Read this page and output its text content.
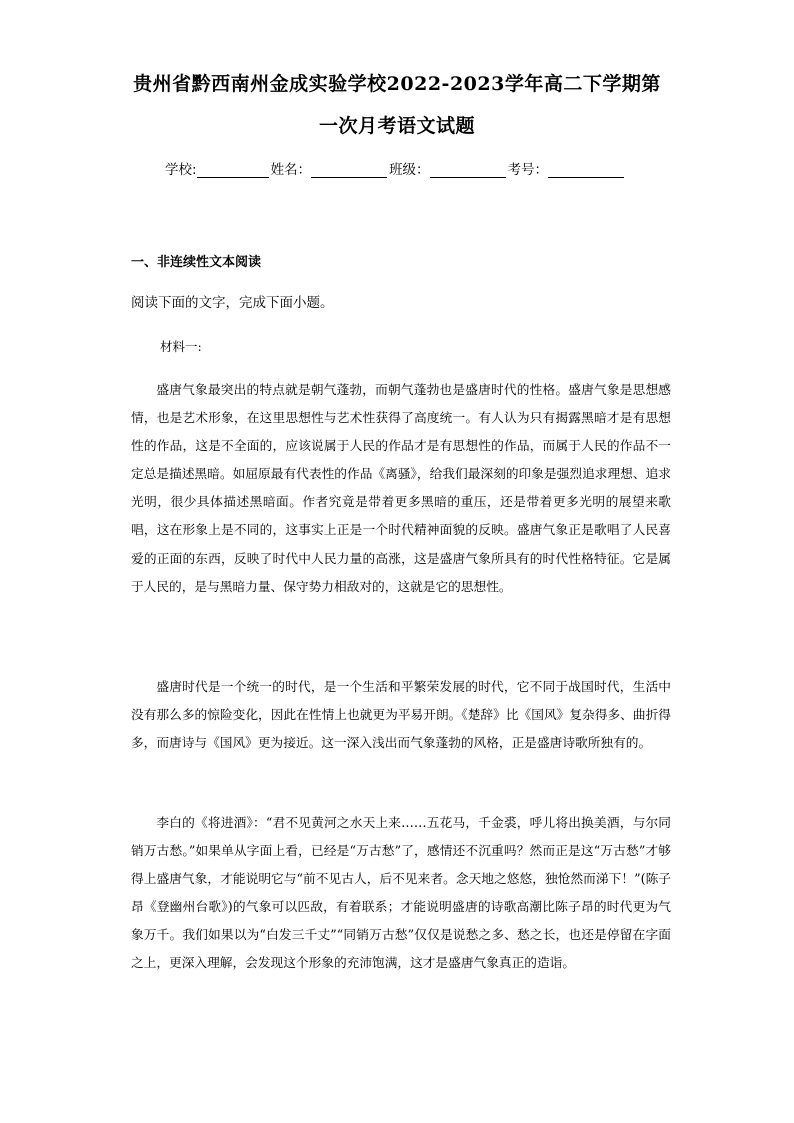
贵州省黔西南州金成实验学校2022-2023学年高二下学期第
一次月考语文试题
学校:	姓名：	班级：	考号：
一、非连续性文本阅读
阅读下面的文字，完成下面小题。
材料一:

盛唐气象最突出的特点就是朝气蓬勃，而朝气蓬勃也是盛唐时代的性格。盛唐气象是思想感情，也是艺术形象，在这里思想性与艺术性获得了高度统一。有人认为只有揭露黑暗才是有思想性的作品，这是不全面的，应该说属于人民的作品才是有思想性的作品，而属于人民的作品不一定总是描述黑暗。如屈原最有代表性的作品《离骚》，给我们最深刻的印象是强烈追求理想、追求光明，很少具体描述黑暗面。作者究竟是带着更多黑暗的重压，还是带着更多光明的展望来歌唱，这在形象上是不同的，这事实上正是一个时代精神面貌的反映。盛唐气象正是歌唱了人民喜爱的正面的东西，反映了时代中人民力量的高涨，这是盛唐气象所具有的时代性格特征。它是属于人民的，是与黑暗力量、保守势力相敌对的，这就是它的思想性。

盛唐时代是一个统一的时代，是一个生活和平繁荣发展的时代，它不同于战国时代，生活中没有那么多的惊险变化，因此在性情上也就更为平易开朗。《楚辞》比《国风》复杂得多、曲折得多，而唐诗与《国风》更为接近。这一深入浅出而气象蓬勃的风格，正是盛唐诗歌所独有的。

李白的《将进酒》：“君不见黄河之水天上来……五花马，千金裘，呼儿将出换美酒，与尔同销万古愁。”如果单从字面上看，已经是“万古愁”了，感情还不沉重吗？然而正是这“万古愁”才够得上盛唐气象，才能说明它与“前不见古人，后不见来者。念天地之悠悠，独怆然而涕下！”(陈子昂《登幽州台歌》)的气象可以匹敌，有着联系；才能说明盛唐的诗歌高潮比陈子昂的时代更为气象万千。我们如果以为“白发三千丈”“同销万古愁”仅仅是说愁之多、愁之长，也还是停留在字面之上，更深入理解，会发现这个形象的充沛饱满，这才是盛唐气象真正的造诣。
